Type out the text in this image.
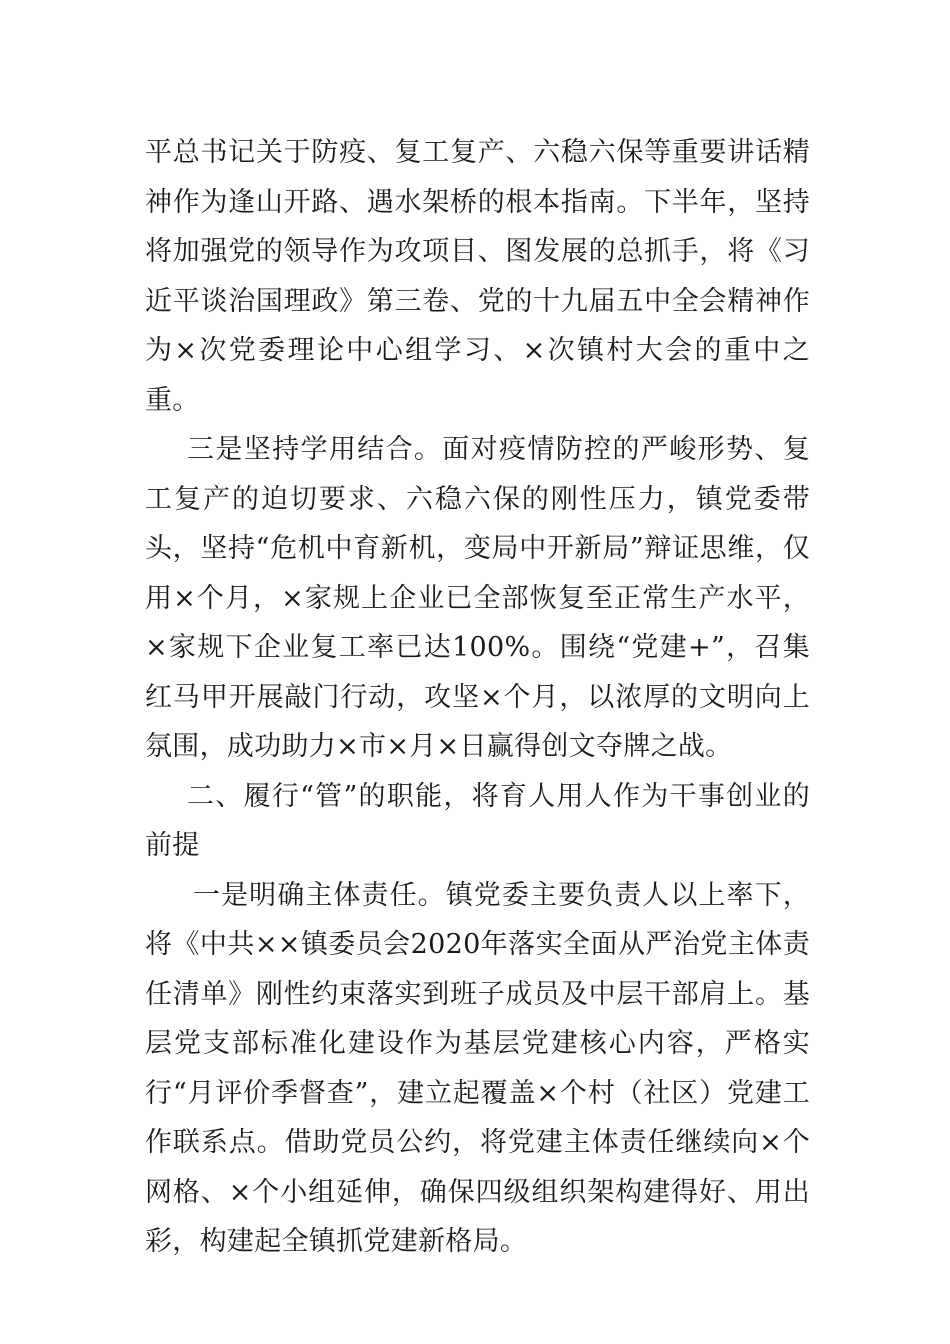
平总书记关于防疫、复工复产、六稳六保等重要讲话精神作为逢山开路、遇水架桥的根本指南。下半年，坚持将加强党的领导作为攻项目、图发展的总抓手，将《习近平谈治国理政》第三卷、党的十九届五中全会精神作为×次党委理论中心组学习、×次镇村大会的重中之重。

三是坚持学用结合。面对疫情防控的严峻形势、复工复产的迫切要求、六稳六保的刚性压力，镇党委带头，坚持“危机中育新机，变局中开新局”辩证思维，仅用×个月，×家规上企业已全部恢复至正常生产水平，×家规下企业复工率已达100%。围绕“党建+”，召集红马甲开展敲门行动，攻坚×个月，以浓厚的文明向上氛围，成功助力×市×月×日赢得创文夺牌之战。

二、履行“管”的职能，将育人用人作为干事创业的前提

一是明确主体责任。镇党委主要负责人以上率下，将《中共××镇委员会2020年落实全面从严治党主体责任清单》刚性约束落实到班子成员及中层干部肩上。基层党支部标准化建设作为基层党建核心内容，严格实行“月评价季督查”，建立起覆盖×个村（社区）党建工作联系点。借助党员公约，将党建主体责任继续向×个网格、×个小组延伸，确保四级组织架构建得好、用出彩，构建起全镇抓党建新格局。
